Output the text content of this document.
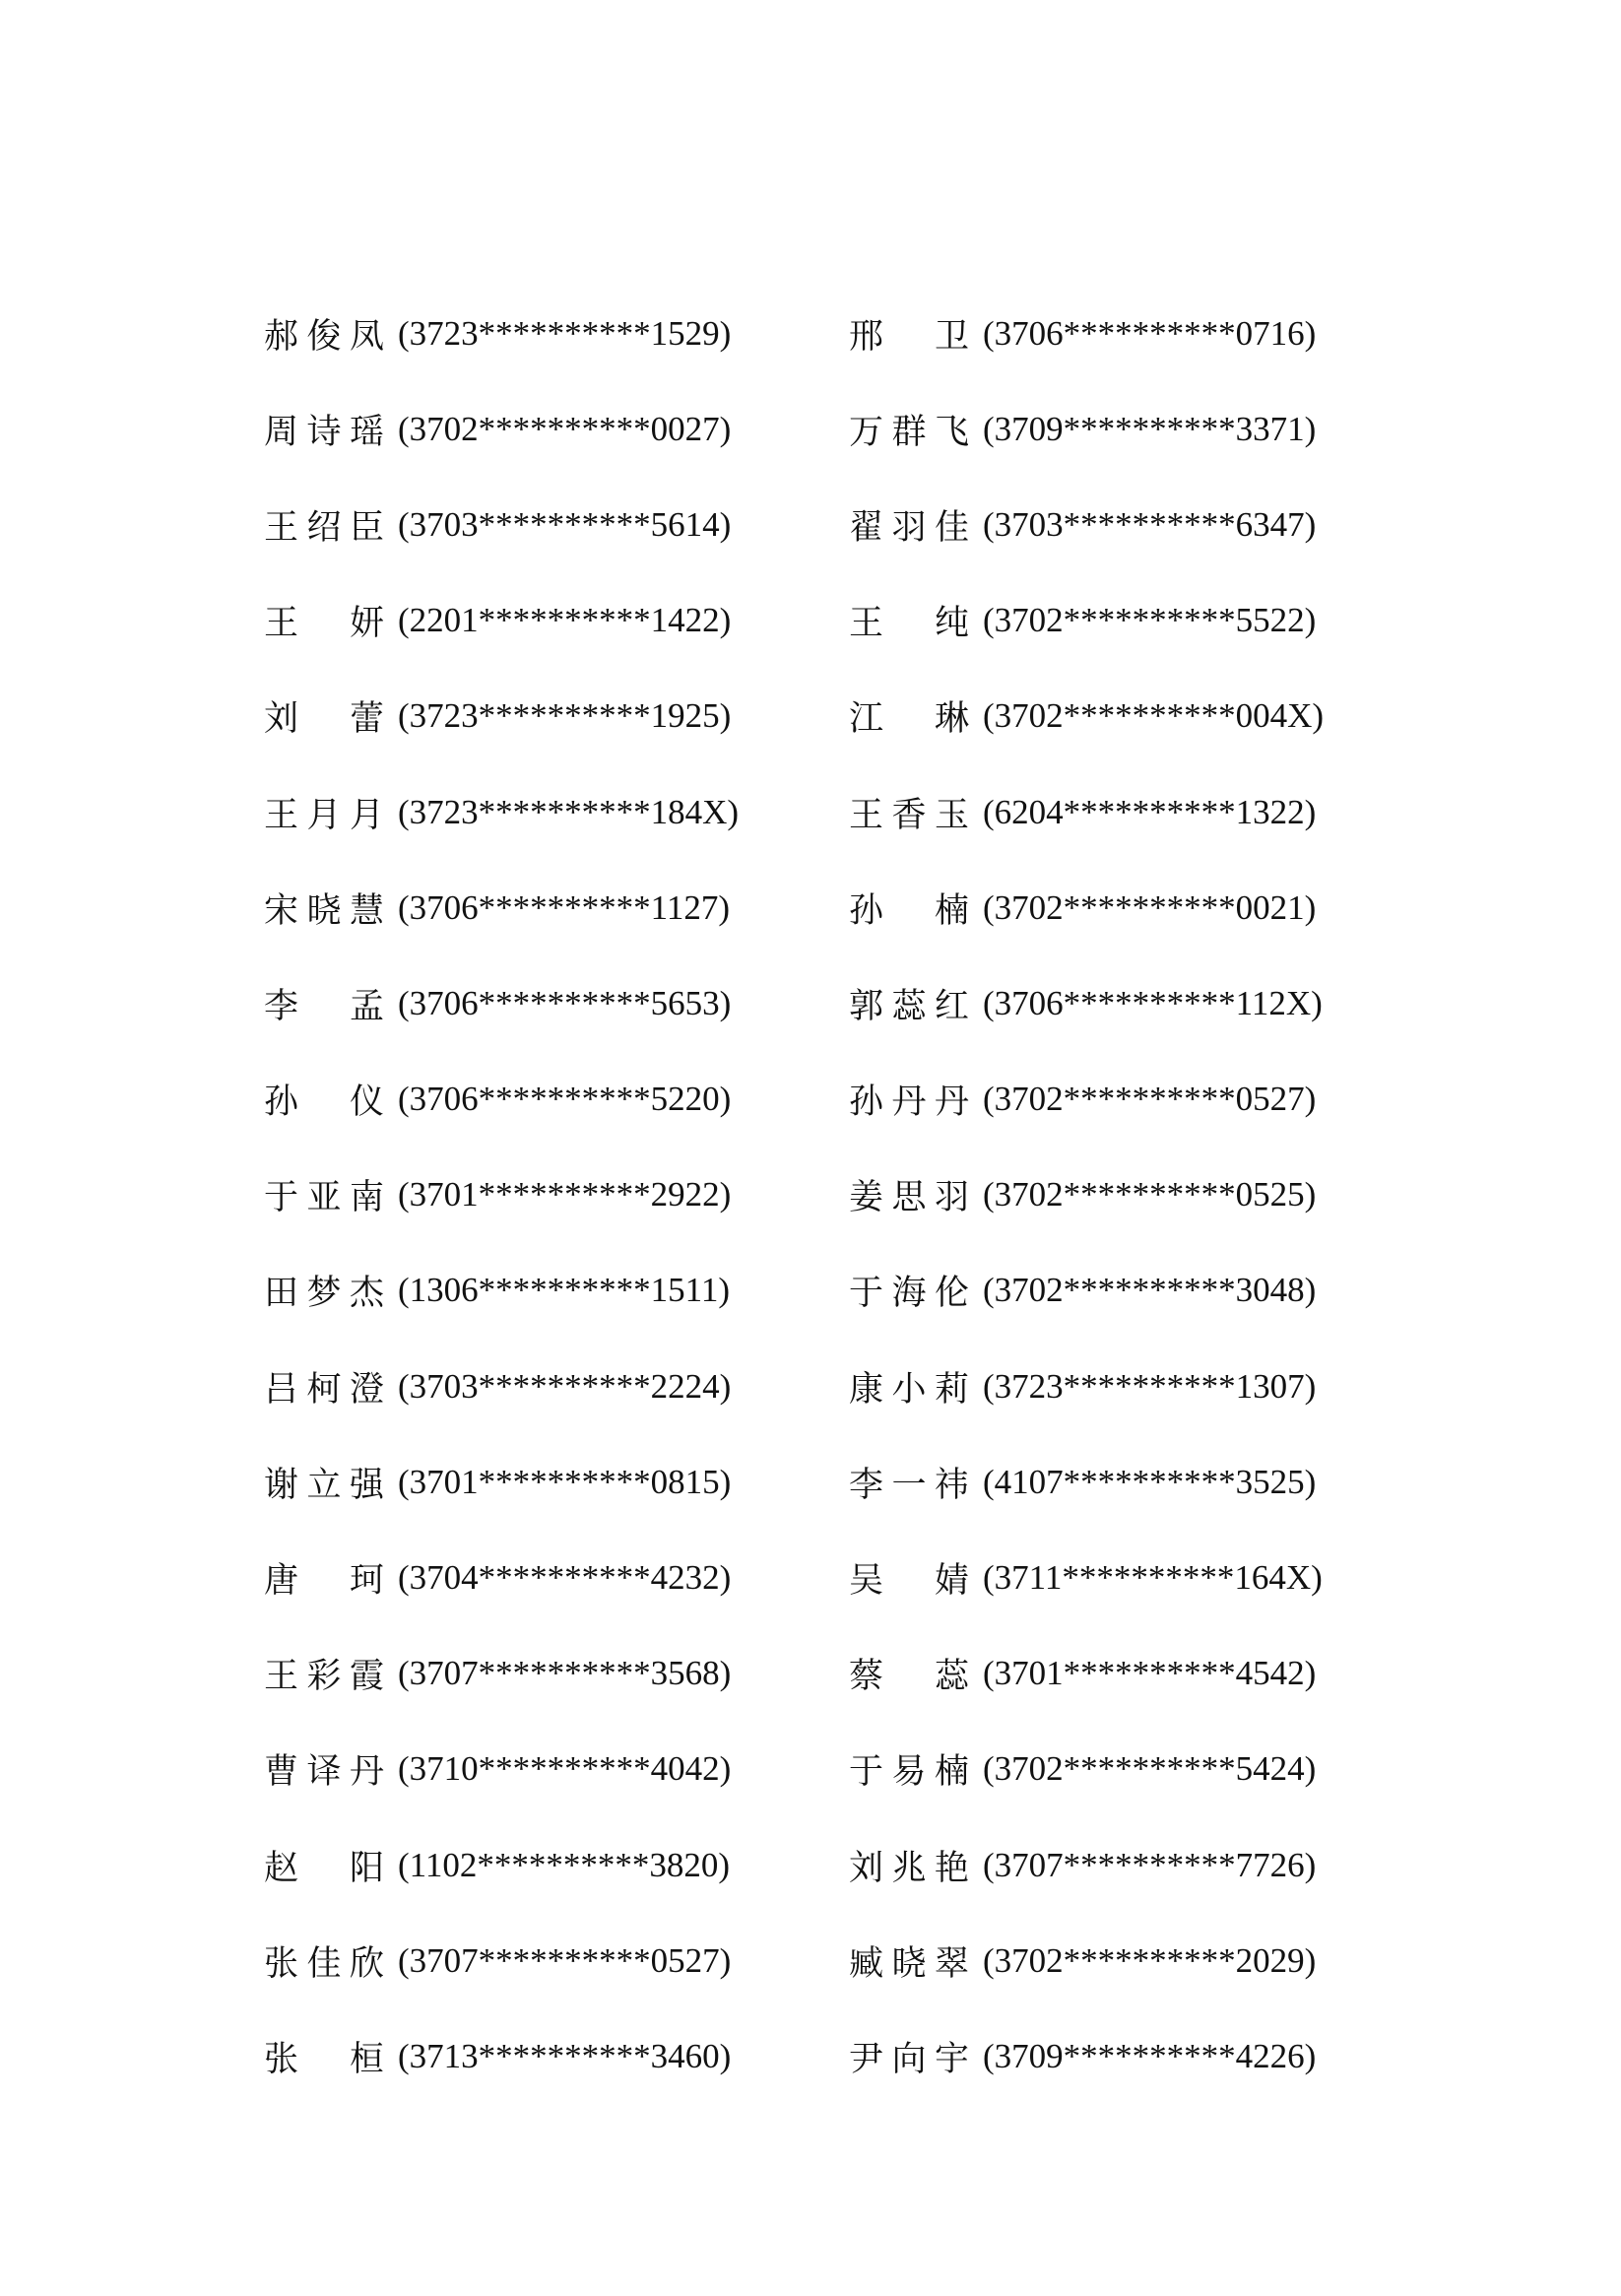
郝俊凤 (3723**********1529)
周诗瑶 (3702**********0027)
王绍臣 (3703**********5614)
王妍 (2201**********1422)
刘蕾 (3723**********1925)
王月月 (3723**********184X)
宋晓慧 (3706**********1127)
李孟 (3706**********5653)
孙仪 (3706**********5220)
于亚南 (3701**********2922)
田梦杰 (1306**********1511)
吕柯澄 (3703**********2224)
谢立强 (3701**********0815)
唐珂 (3704**********4232)
王彩霞 (3707**********3568)
曹译丹 (3710**********4042)
赵阳 (1102**********3820)
张佳欣 (3707**********0527)
张桓 (3713**********3460)
邢卫 (3706**********0716)
万群飞 (3709**********3371)
翟羽佳 (3703**********6347)
王纯 (3702**********5522)
江琳 (3702**********004X)
王香玉 (6204**********1322)
孙楠 (3702**********0021)
郭蕊红 (3706**********112X)
孙丹丹 (3702**********0527)
姜思羽 (3702**********0525)
于海伦 (3702**********3048)
康小莉 (3723**********1307)
李一祎 (4107**********3525)
吴婧 (3711**********164X)
蔡蕊 (3701**********4542)
于易楠 (3702**********5424)
刘兆艳 (3707**********7726)
臧晓翠 (3702**********2029)
尹向宇 (3709**********4226)
